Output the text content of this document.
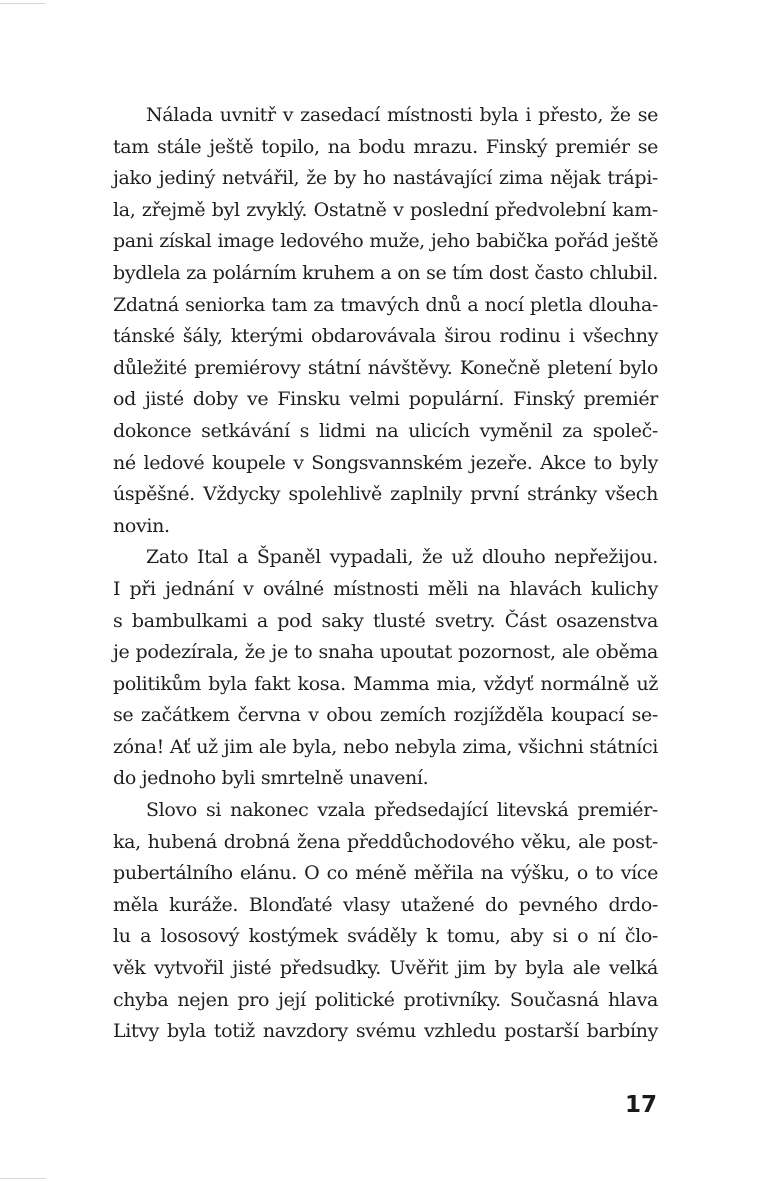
Nálada uvnitř v zasedací místnosti byla i přesto, že se
tam stále ještě topilo, na bodu mrazu. Finský premiér se
jako jediný netvářil, že by ho nastávající zima nějak trápi-
la, zřejmě byl zvyklý. Ostatně v poslední předvolební kam-
pani získal image ledového muže, jeho babička pořád ještě
bydlela za polárním kruhem a on se tím dost často chlubil.
Zdatná seniorka tam za tmavých dnů a nocí pletla dlouha-
tánské šály, kterými obdarovávala širou rodinu i všechny
důležité premiérovy státní návštěvy. Konečně pletení bylo
od jisté doby ve Finsku velmi populární. Finský premiér
dokonce setkávání s lidmi na ulicích vyměnil za společ-
né ledové koupele v Songsvannském jezeře. Akce to byly
úspěšné. Vždycky spolehlivě zaplnily první stránky všech
novin.
Zato Ital a Španěl vypadali, že už dlouho nepřežijou.
I při jednání v oválné místnosti měli na hlavách kulichy
s bambulkami a pod saky tlusté svetry. Část osazenstva
je podezírala, že je to snaha upoutat pozornost, ale oběma
politikům byla fakt kosa. Mamma mia, vždyť normálně už
se začátkem června v obou zemích rozjížděla koupací se-
zóna! Ať už jim ale byla, nebo nebyla zima, všichni státníci
do jednoho byli smrtelně unavení.
Slovo si nakonec vzala předsedající litevská premiér-
ka, hubená drobná žena předdůchodového věku, ale post-
pubertálního elánu. O co méně měřila na výšku, o to více
měla kuráže. Blonďaté vlasy utažené do pevného drdo-
lu a lososový kostýmek sváděly k tomu, aby si o ní člo-
věk vytvořil jisté předsudky. Uvěřit jim by byla ale velká
chyba nejen pro její politické protivníky. Současná hlava
Litvy byla totiž navzdory svému vzhledu postarší barbíny
17
